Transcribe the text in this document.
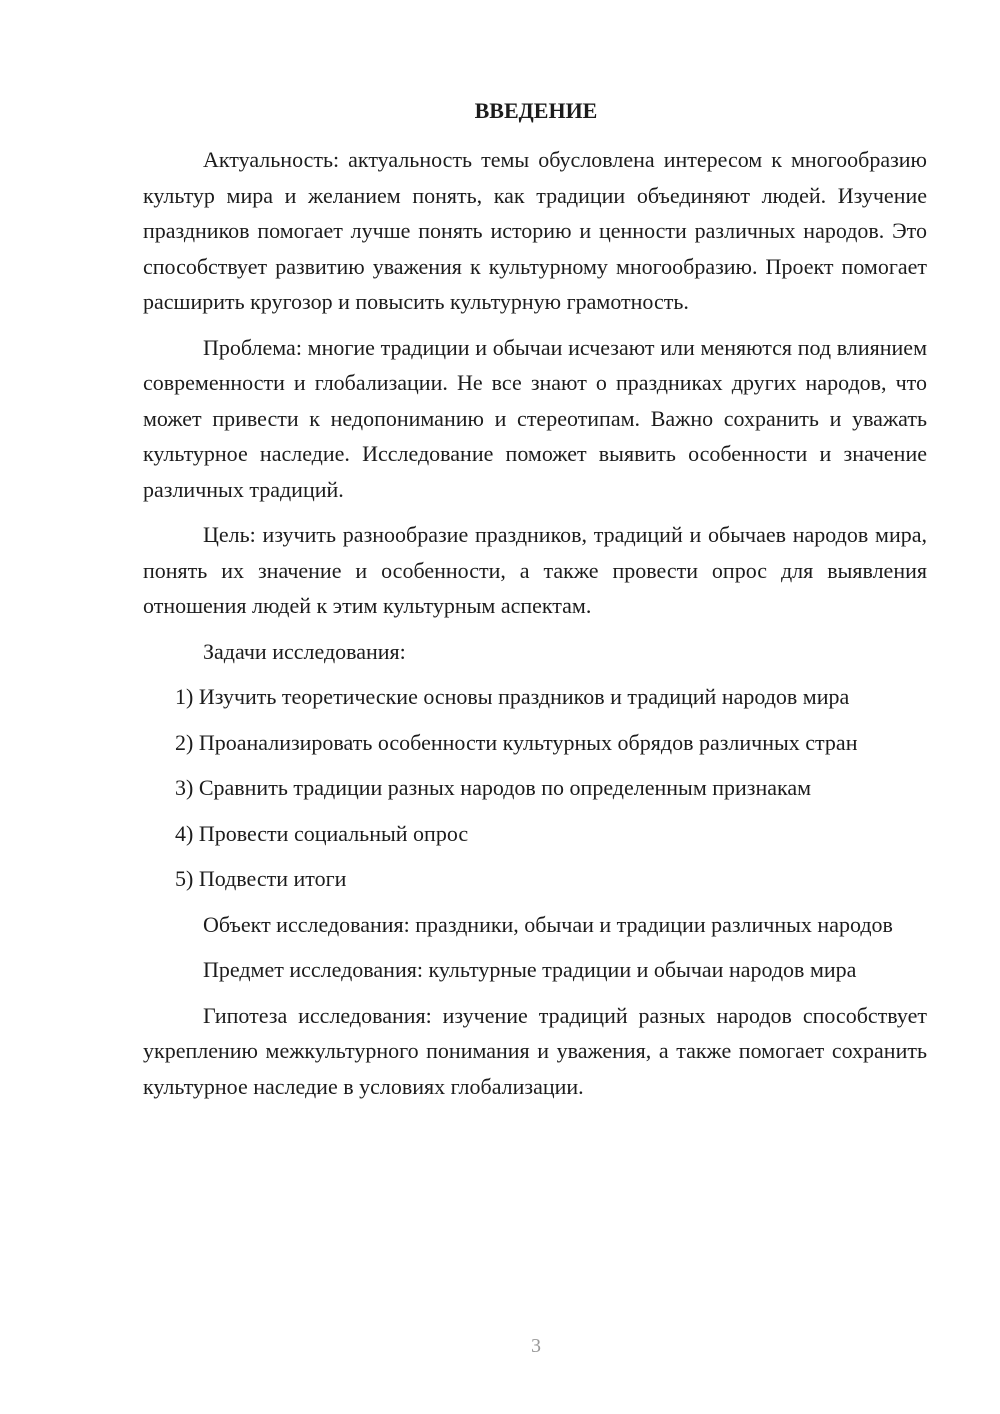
ВВЕДЕНИЕ

Актуальность: актуальность темы обусловлена интересом к многообразию культур мира и желанием понять, как традиции объединяют людей. Изучение праздников помогает лучше понять историю и ценности различных народов. Это способствует развитию уважения к культурному многообразию. Проект помогает расширить кругозор и повысить культурную грамотность.

Проблема: многие традиции и обычаи исчезают или меняются под влиянием современности и глобализации. Не все знают о праздниках других народов, что может привести к недопониманию и стереотипам. Важно сохранить и уважать культурное наследие. Исследование поможет выявить особенности и значение различных традиций.

Цель: изучить разнообразие праздников, традиций и обычаев народов мира, понять их значение и особенности, а также провести опрос для выявления отношения людей к этим культурным аспектам.

Задачи исследования:

1) Изучить теоретические основы праздников и традиций народов мира

2) Проанализировать особенности культурных обрядов различных стран

3) Сравнить традиции разных народов по определенным признакам

4) Провести социальный опрос

5) Подвести итоги

Объект исследования: праздники, обычаи и традиции различных народов

Предмет исследования: культурные традиции и обычаи народов мира

Гипотеза исследования: изучение традиций разных народов способствует укреплению межкультурного понимания и уважения, а также помогает сохранить культурное наследие в условиях глобализации.

3
